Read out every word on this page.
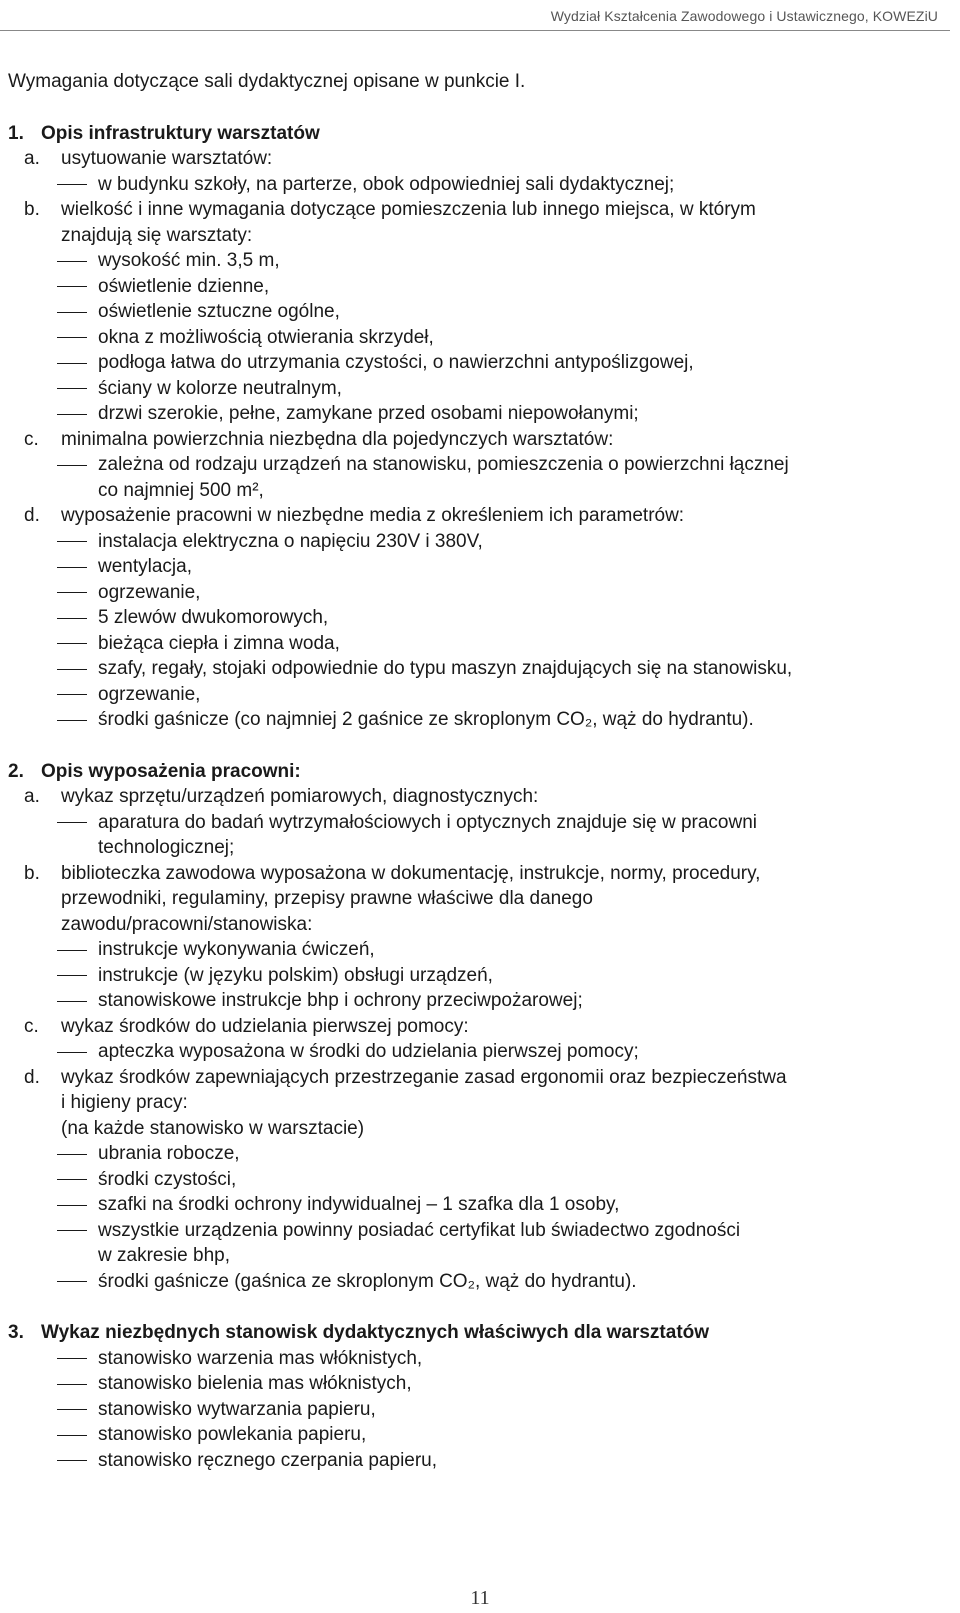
Wydział Kształcenia Zawodowego i Ustawicznego, KOWEZiU
Wymagania dotyczące sali dydaktycznej opisane w punkcie I.
1. Opis infrastruktury warsztatów
a. usytuowanie warsztatów:
w budynku szkoły, na parterze, obok odpowiedniej sali dydaktycznej;
b. wielkość i inne wymagania dotyczące pomieszczenia lub innego miejsca, w którym
znajdują się warsztaty:
wysokość min. 3,5 m,
oświetlenie dzienne,
oświetlenie sztuczne ogólne,
okna z możliwością otwierania skrzydeł,
podłoga łatwa do utrzymania czystości, o nawierzchni antypoślizgowej,
ściany w kolorze neutralnym,
drzwi szerokie, pełne, zamykane przed osobami niepowołanymi;
c. minimalna powierzchnia niezbędna dla pojedynczych warsztatów:
zależna od rodzaju urządzeń na stanowisku, pomieszczenia o powierzchni łącznej
co najmniej 500 m²,
d. wyposażenie pracowni w niezbędne media z określeniem ich parametrów:
instalacja elektryczna o napięciu 230V i 380V,
wentylacja,
ogrzewanie,
5 zlewów dwukomorowych,
bieżąca ciepła i zimna woda,
szafy, regały, stojaki odpowiednie do typu maszyn znajdujących się na stanowisku,
ogrzewanie,
środki gaśnicze (co najmniej 2 gaśnice ze skroplonym CO₂, wąż do hydrantu).
2. Opis wyposażenia pracowni:
a. wykaz sprzętu/urządzeń pomiarowych, diagnostycznych:
aparatura do badań wytrzymałościowych i optycznych znajduje się w pracowni
technologicznej;
b. biblioteczka zawodowa wyposażona w dokumentację, instrukcje, normy, procedury,
przewodniki, regulaminy, przepisy prawne właściwe dla danego
zawodu/pracowni/stanowiska:
instrukcje wykonywania ćwiczeń,
instrukcje (w języku polskim) obsługi urządzeń,
stanowiskowe instrukcje bhp i ochrony przeciwpożarowej;
c. wykaz środków do udzielania pierwszej pomocy:
apteczka wyposażona w środki do udzielania pierwszej pomocy;
d. wykaz środków zapewniających przestrzeganie zasad ergonomii oraz bezpieczeństwa
i higieny pracy:
(na każde stanowisko w warsztacie)
ubrania robocze,
środki czystości,
szafki na środki ochrony indywidualnej – 1 szafka dla 1 osoby,
wszystkie urządzenia powinny posiadać certyfikat lub świadectwo zgodności
w zakresie bhp,
środki gaśnicze (gaśnica ze skroplonym CO₂, wąż do hydrantu).
3. Wykaz niezbędnych stanowisk dydaktycznych właściwych dla warsztatów
stanowisko warzenia mas włóknistych,
stanowisko bielenia mas włóknistych,
stanowisko wytwarzania papieru,
stanowisko powlekania papieru,
stanowisko ręcznego czerpania papieru,
11
